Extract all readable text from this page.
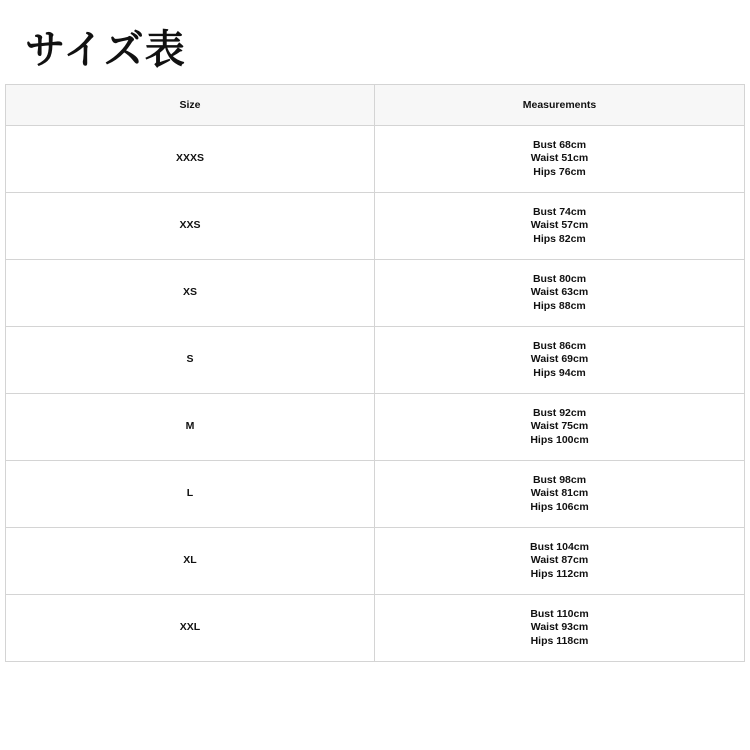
サイズ表
Size	Measurements
XXXS	Bust 68cm
Waist 51cm
Hips 76cm

XXS	Bust 74cm
Waist 57cm
Hips 82cm

XS	Bust 80cm
Waist 63cm
Hips 88cm

S	Bust 86cm
Waist 69cm
Hips 94cm

M	Bust 92cm
Waist 75cm
Hips 100cm

L	Bust 98cm
Waist 81cm
Hips 106cm

XL	Bust 104cm
Waist 87cm
Hips 112cm

XXL	Bust 110cm
Waist 93cm
Hips 118cm
